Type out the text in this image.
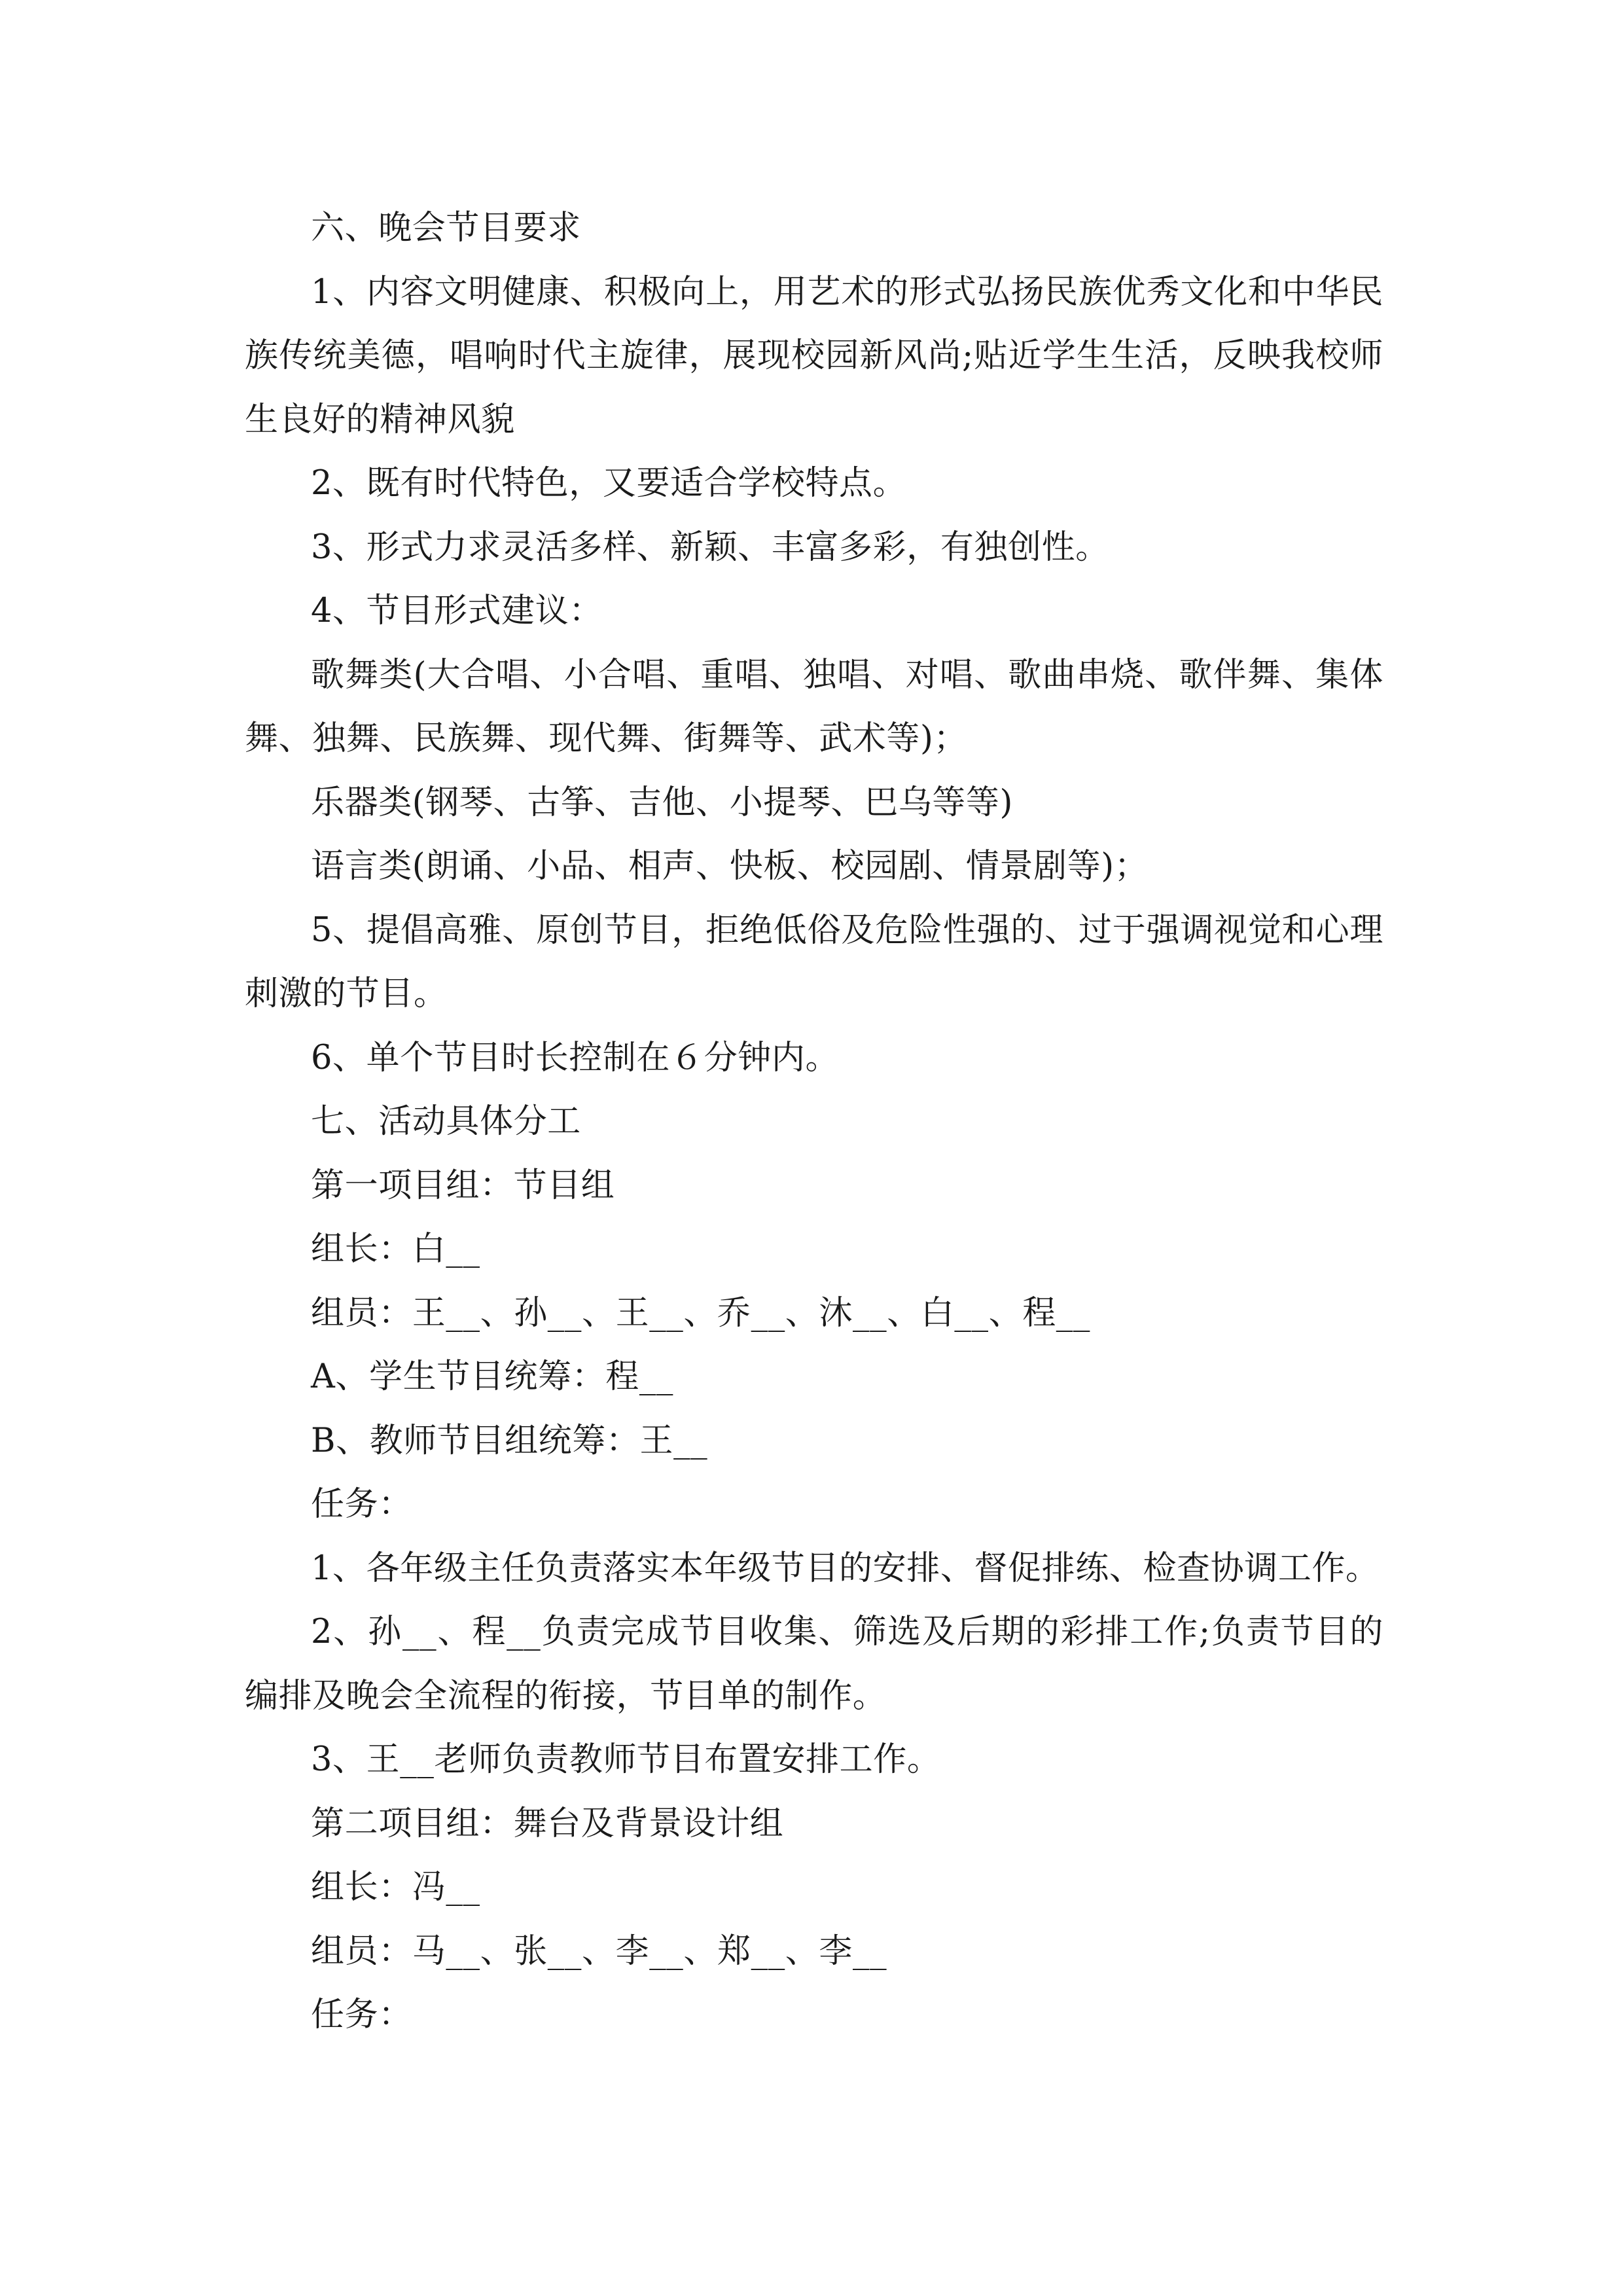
六、晚会节目要求

1、内容文明健康、积极向上，用艺术的形式弘扬民族优秀文化和中华民族传统美德，唱响时代主旋律，展现校园新风尚;贴近学生生活，反映我校师生良好的精神风貌

2、既有时代特色，又要适合学校特点。

3、形式力求灵活多样、新颖、丰富多彩，有独创性。

4、节目形式建议：

歌舞类(大合唱、小合唱、重唱、独唱、对唱、歌曲串烧、歌伴舞、集体舞、独舞、民族舞、现代舞、街舞等、武术等)；

乐器类(钢琴、古筝、吉他、小提琴、巴乌等等)

语言类(朗诵、小品、相声、快板、校园剧、情景剧等)；

5、提倡高雅、原创节目，拒绝低俗及危险性强的、过于强调视觉和心理刺激的节目。

6、单个节目时长控制在６分钟内。

七、活动具体分工

第一项目组：节目组

组长：白__

组员：王__、孙__、王__、乔__、沐__、白__、程__

A、学生节目统筹：程__

B、教师节目组统筹：王__

任务：

1、各年级主任负责落实本年级节目的安排、督促排练、检查协调工作。

2、孙__、程__负责完成节目收集、筛选及后期的彩排工作;负责节目的编排及晚会全流程的衔接，节目单的制作。

3、王__老师负责教师节目布置安排工作。

第二项目组：舞台及背景设计组

组长：冯__

组员：马__、张__、李__、郑__、李__

任务：
